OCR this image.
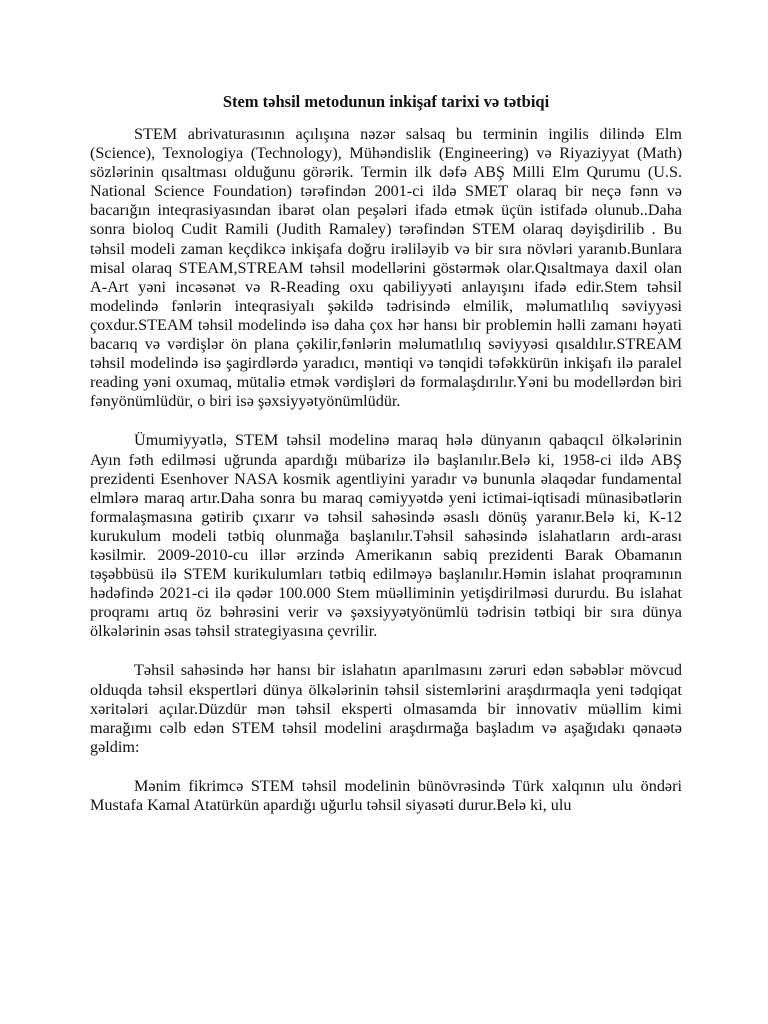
Stem təhsil metodunun inkişaf tarixi və tətbiqi

STEM abrivaturasının açılışına nəzər salsaq bu terminin ingilis dilində Elm (Science), Texnologiya (Technology), Mühəndislik (Engineering) və Riyaziyyat (Math) sözlərinin qısaltması olduğunu görərik. Termin ilk dəfə ABŞ Milli Elm Qurumu (U.S. National Science Foundation) tərəfindən 2001-ci ildə SMET olaraq bir neçə fənn və bacarığın inteqrasiyasından ibarət olan peşələri ifadə etmək üçün istifadə olunub..Daha sonra bioloq Cudit Ramili (Judith Ramaley) tərəfindən STEM olaraq dəyişdirilib . Bu təhsil modeli zaman keçdikcə inkişafa doğru irəliləyib və bir sıra növləri yaranıb.Bunlara misal olaraq STEAM,STREAM təhsil modellərini göstərmək olar.Qısaltmaya daxil olan A-Art yəni incəsənət və R-Reading oxu qabiliyyəti anlayışını ifadə edir.Stem təhsil modelində fənlərin inteqrasiyalı şəkildə tədrisində elmilik, məlumatlılıq səviyyəsi çoxdur.STEAM təhsil modelində isə daha çox hər hansı bir problemin həlli zamanı həyati bacarıq və vərdişlər ön plana çəkilir,fənlərin məlumatlılıq səviyyəsi qısaldılır.STREAM təhsil modelində isə şagirdlərdə yaradıcı, məntiqi və tənqidi təfəkkürün inkişafı ilə paralel reading yəni oxumaq, mütaliə etmək vərdişləri də formalaşdırılır.Yəni bu modellərdən biri fənyönümlüdür, o biri isə şəxsiyyətyönümlüdür.

Ümumiyyətlə, STEM təhsil modelinə maraq hələ dünyanın qabaqcıl ölkələrinin Ayın fəth edilməsi uğrunda apardığı mübarizə ilə başlanılır.Belə ki, 1958-ci ildə ABŞ prezidenti Esenhover NASA kosmik agentliyini yaradır və bununla əlaqədar fundamental elmlərə maraq artır.Daha sonra bu maraq cəmiyyətdə yeni ictimai-iqtisadi münasibətlərin formalaşmasına gətirib çıxarır və təhsil sahəsində əsaslı dönüş yaranır.Belə ki, K-12 kurukulum modeli tətbiq olunmağa başlanılır.Təhsil sahəsində islahatların ardı-arası kəsilmir. 2009-2010-cu illər ərzində Amerikanın sabiq prezidenti Barak Obamanın təşəbbüsü ilə STEM kurikulumları tətbiq edilməyə başlanılır.Həmin islahat proqramının hədəfində 2021-ci ilə qədər 100.000 Stem müəlliminin yetişdirilməsi dururdu. Bu islahat proqramı artıq öz bəhrəsini verir və şəxsiyyətyönümlü tədrisin tətbiqi bir sıra dünya ölkələrinin əsas təhsil strategiyasına çevrilir.

Təhsil sahəsində hər hansı bir islahatın aparılmasını zəruri edən səbəblər mövcud olduqda təhsil ekspertləri dünya ölkələrinin təhsil sistemlərini araşdırmaqla yeni tədqiqat xəritələri açılar.Düzdür mən təhsil eksperti olmasamda bir innovativ müəllim kimi marağımı cəlb edən STEM təhsil modelini araşdırmağa başladım və aşağıdakı qənaətə gəldim:

Mənim fikrimcə STEM təhsil modelinin bünövrəsində Türk xalqının ulu öndəri Mustafa Kamal Atatürkün apardığı uğurlu təhsil siyasəti durur.Belə ki, ulu
